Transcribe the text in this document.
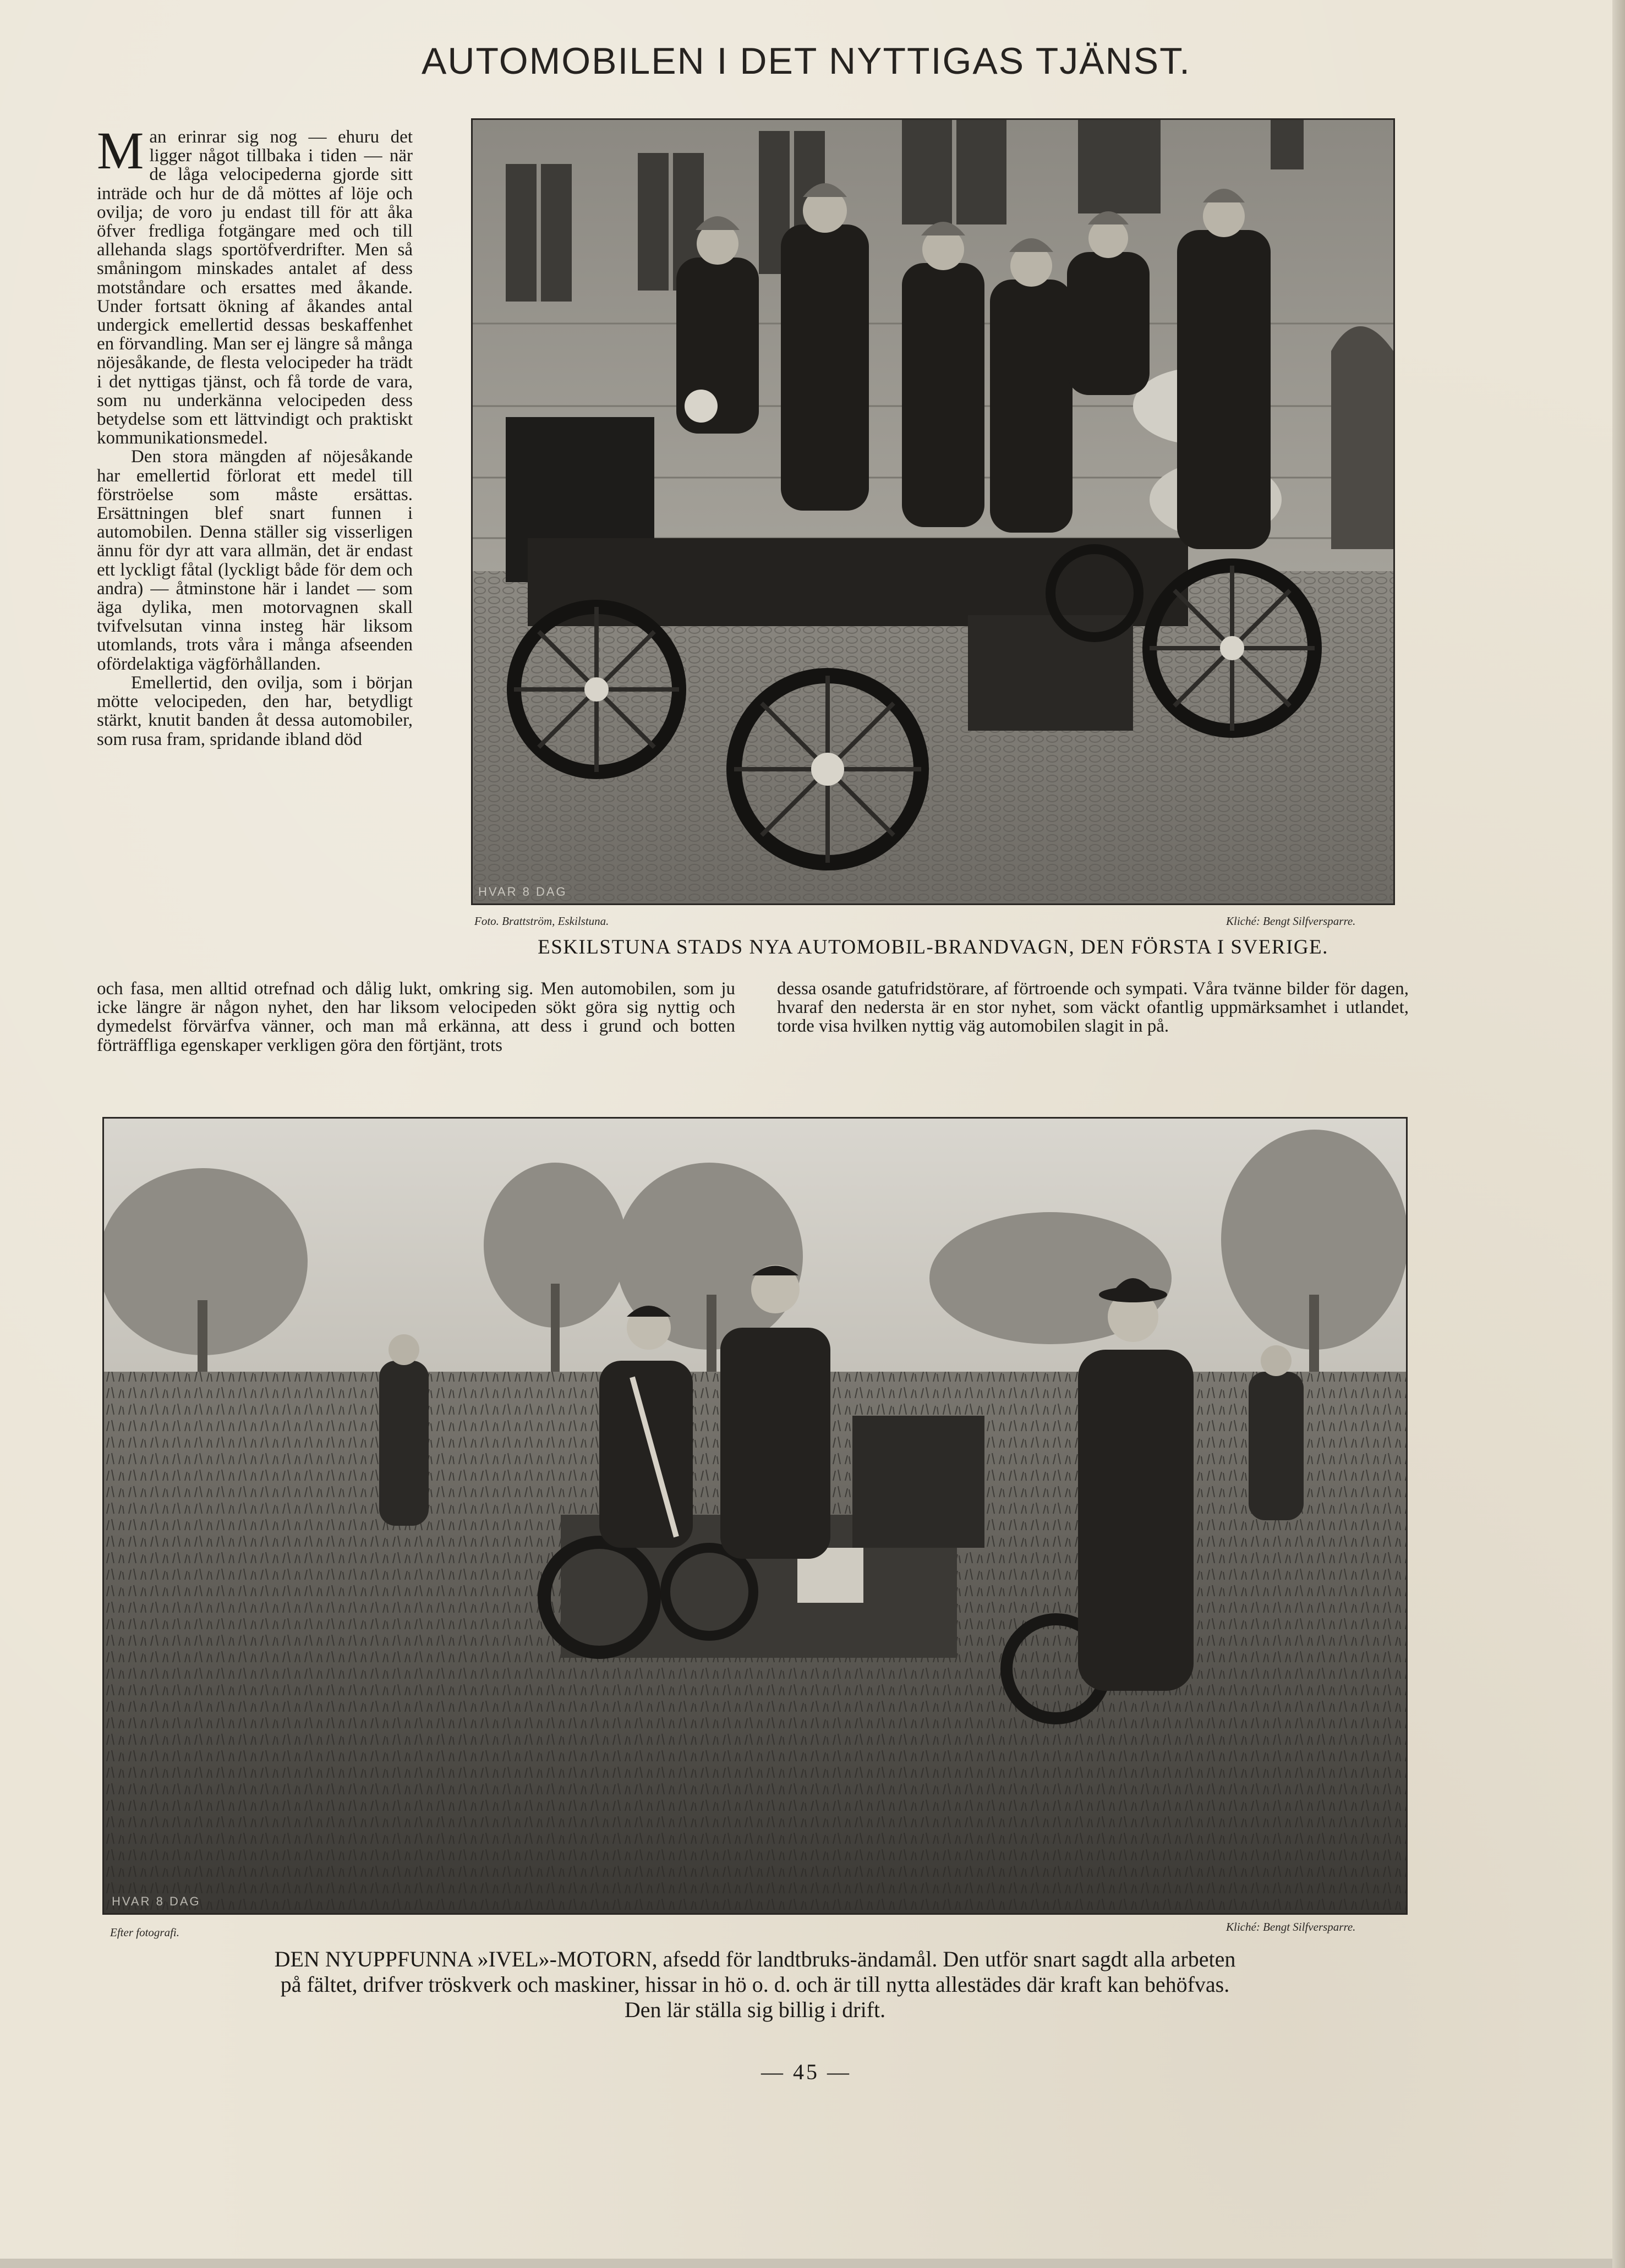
AUTOMOBILEN I DET NYTTIGAS TJÄNST.

Man erinrar sig nog — ehuru det ligger något tillbaka i tiden — när de låga velocipederna gjorde sitt inträde och hur de då möttes af löje och ovilja; de voro ju endast till för att åka öfver fredliga fotgängare med och till allehanda slags sportöfverdrifter. Men så småningom minskades antalet af dess motståndare och ersattes med åkande. Under fortsatt ökning af åkandes antal undergick emellertid dessas beskaffenhet en förvandling. Man ser ej längre så många nöjesåkande, de flesta velocipeder ha trädt i det nyttigas tjänst, och få torde de vara, som nu underkänna velocipeden dess betydelse som ett lättvindigt och praktiskt kommunikationsmedel.

Den stora mängden af nöjesåkande har emellertid förlorat ett medel till förströelse som måste ersättas. Ersättningen blef snart funnen i automobilen. Denna ställer sig visserligen ännu för dyr att vara allmän, det är endast ett lyckligt fåtal (lyckligt både för dem och andra) — åtminstone här i landet — som äga dylika, men motorvagnen skall tvifvelsutan vinna insteg här liksom utomlands, trots våra i många afseenden ofördelaktiga vägförhållanden.

Emellertid, den ovilja, som i början mötte velocipeden, den har, betydligt stärkt, knutit banden åt dessa automobiler, som rusa fram, spridande ibland död

HVAR 8 DAG
Foto. Brattström, Eskilstuna.	Kliché: Bengt Silfversparre.
ESKILSTUNA STADS NYA AUTOMOBIL-BRANDVAGN, DEN FÖRSTA I SVERIGE.
och fasa, men alltid otrefnad och dålig lukt, omkring sig. Men automobilen, som ju icke längre är någon nyhet, den har liksom velocipeden sökt göra sig nyttig och dymedelst förvärfva vänner, och man må erkänna, att dess i grund och botten förträffliga egenskaper verkligen göra den förtjänt, trots
dessa osande gatufridstörare, af förtroende och sympati. Våra tvänne bilder för dagen, hvaraf den nedersta är en stor nyhet, som väckt ofantlig uppmärksamhet i utlandet, torde visa hvilken nyttig väg automobilen slagit in på.
HVAR 8 DAG
Efter fotografi.	Kliché: Bengt Silfversparre.
DEN NYUPPFUNNA »IVEL»-MOTORN, afsedd för landtbruks-ändamål. Den utför snart sagdt alla arbeten
på fältet, drifver tröskverk och maskiner, hissar in hö o. d. och är till nytta allestädes där kraft kan behöfvas.
Den lär ställa sig billig i drift.
— 45 —
